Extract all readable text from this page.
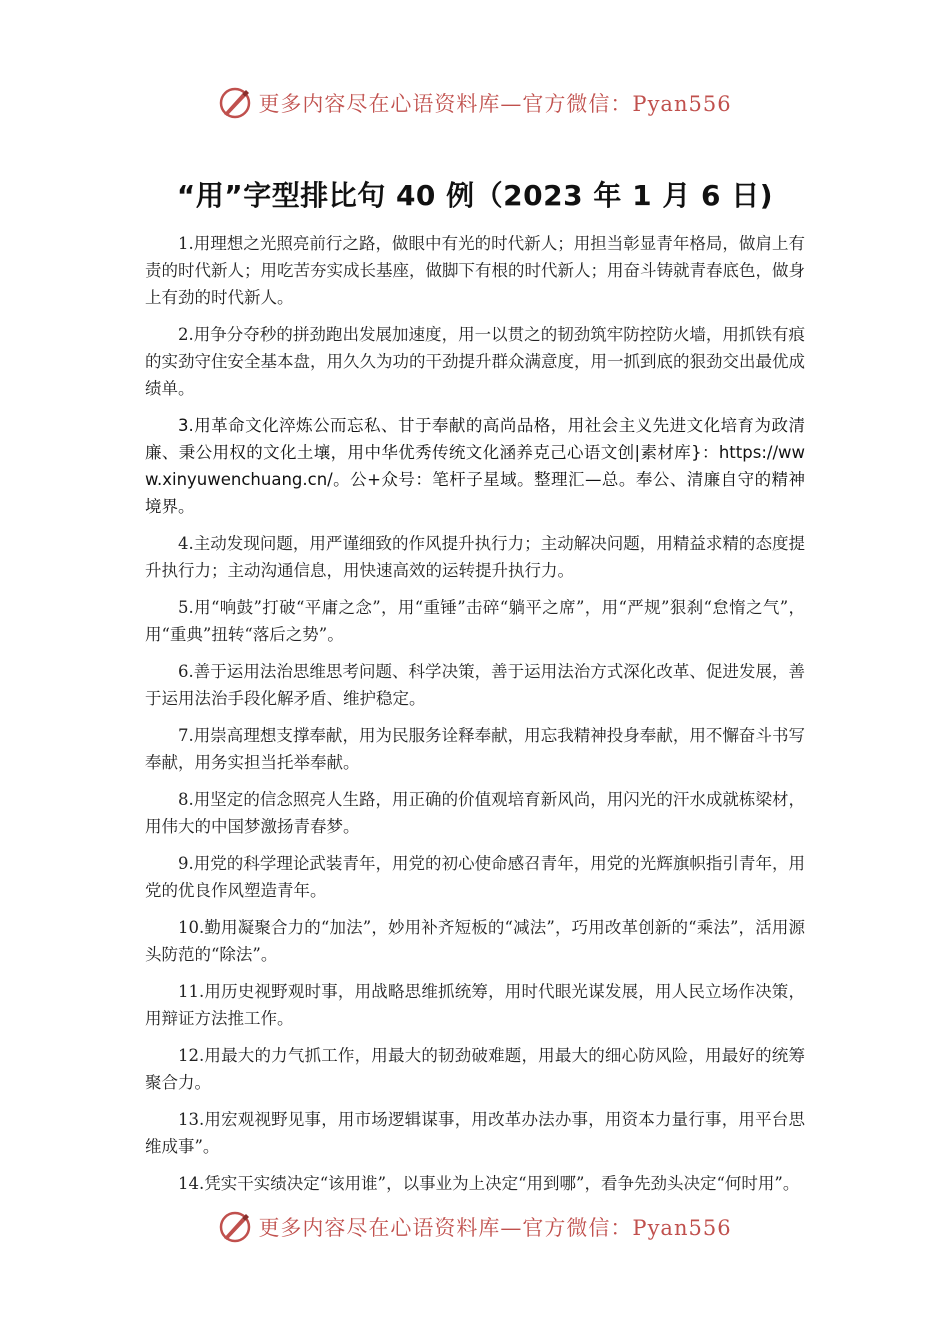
更多内容尽在心语资料库—官方微信：Pyan556
“用”字型排比句 40 例（2023 年 1 月 6 日)

1.用理想之光照亮前行之路，做眼中有光的时代新人；用担当彰显青年格局，做肩上有责的时代新人；用吃苦夯实成长基座，做脚下有根的时代新人；用奋斗铸就青春底色，做身上有劲的时代新人。

2.用争分夺秒的拼劲跑出发展加速度，用一以贯之的韧劲筑牢防控防火墙，用抓铁有痕的实劲守住安全基本盘，用久久为功的干劲提升群众满意度，用一抓到底的狠劲交出最优成绩单。

3.用革命文化淬炼公而忘私、甘于奉献的高尚品格，用社会主义先进文化培育为政清廉、秉公用权的文化土壤，用中华优秀传统文化涵养克己心语文创|素材库}：https://www.xinyuwenchuang.cn/。公+众号：笔杆子星域。整理汇—总。奉公、清廉自守的精神境界。

4.主动发现问题，用严谨细致的作风提升执行力；主动解决问题，用精益求精的态度提升执行力；主动沟通信息，用快速高效的运转提升执行力。

5.用“响鼓”打破“平庸之念”，用“重锤”击碎“躺平之席”，用“严规”狠刹“怠惰之气”，用“重典”扭转“落后之势”。

6.善于运用法治思维思考问题、科学决策，善于运用法治方式深化改革、促进发展，善于运用法治手段化解矛盾、维护稳定。

7.用崇高理想支撑奉献，用为民服务诠释奉献，用忘我精神投身奉献，用不懈奋斗书写奉献，用务实担当托举奉献。

8.用坚定的信念照亮人生路，用正确的价值观培育新风尚，用闪光的汗水成就栋梁材，用伟大的中国梦激扬青春梦。

9.用党的科学理论武装青年，用党的初心使命感召青年，用党的光辉旗帜指引青年，用党的优良作风塑造青年。

10.勤用凝聚合力的“加法”，妙用补齐短板的“减法”，巧用改革创新的“乘法”，活用源头防范的“除法”。

11.用历史视野观时事，用战略思维抓统筹，用时代眼光谋发展，用人民立场作决策，用辩证方法推工作。

12.用最大的力气抓工作，用最大的韧劲破难题，用最大的细心防风险，用最好的统筹聚合力。

13.用宏观视野见事，用市场逻辑谋事，用改革办法办事，用资本力量行事，用平台思维成事”。

14.凭实干实绩决定“该用谁”，以事业为上决定“用到哪”，看争先劲头决定“何时用”。

更多内容尽在心语资料库—官方微信：Pyan556
